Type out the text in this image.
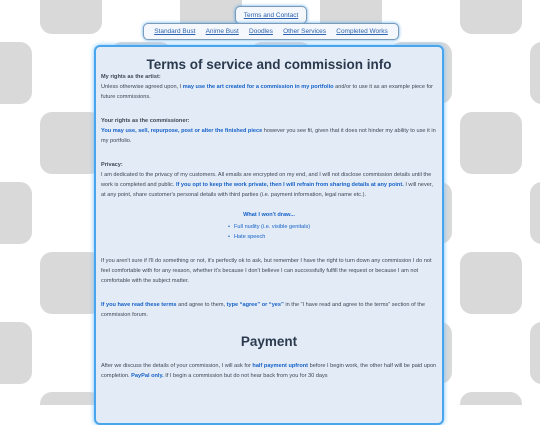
Terms and Contact
Standard Bust Anime Bust Doodles Other Services Completed Works
Terms of service and commission info

My rights as the artist:
Unless otherwise agreed upon, I may use the art created for a commission in my portfolio and/or to use it as an example piece for future commissions.

Your rights as the commissioner:
You may use, sell, repurpose, post or alter the finished piece however you see fit, given that it does not hinder my ability to use it in my portfolio.

Privacy:
I am dedicated to the privacy of my customers. All emails are encrypted on my end, and I will not disclose commission details until the work is completed and public. If you opt to keep the work private, then I will refrain from sharing details at any point. I will never, at any point, share customer's personal details with third parties (i.e. payment information, legal name etc.).

What I won't draw...
• Full nudity (i.e. visible genitals)
• Hate speech

If you aren't sure if I'll do something or not, it's perfectly ok to ask, but remember I have the right to turn down any commission I do not feel comfortable with for any reason, whether it's because I don't believe I can successfully fulfill the request or because I am not comfortable with the subject matter.

If you have read these terms and agree to them, type “agree” or “yes” in the “I have read and agree to the terms” section of the commission forum.

Payment

After we discuss the details of your commission, I will ask for half payment upfront before I begin work, the other half will be paid upon completion. PayPal only. If I begin a commission but do not hear back from you for 30 days
